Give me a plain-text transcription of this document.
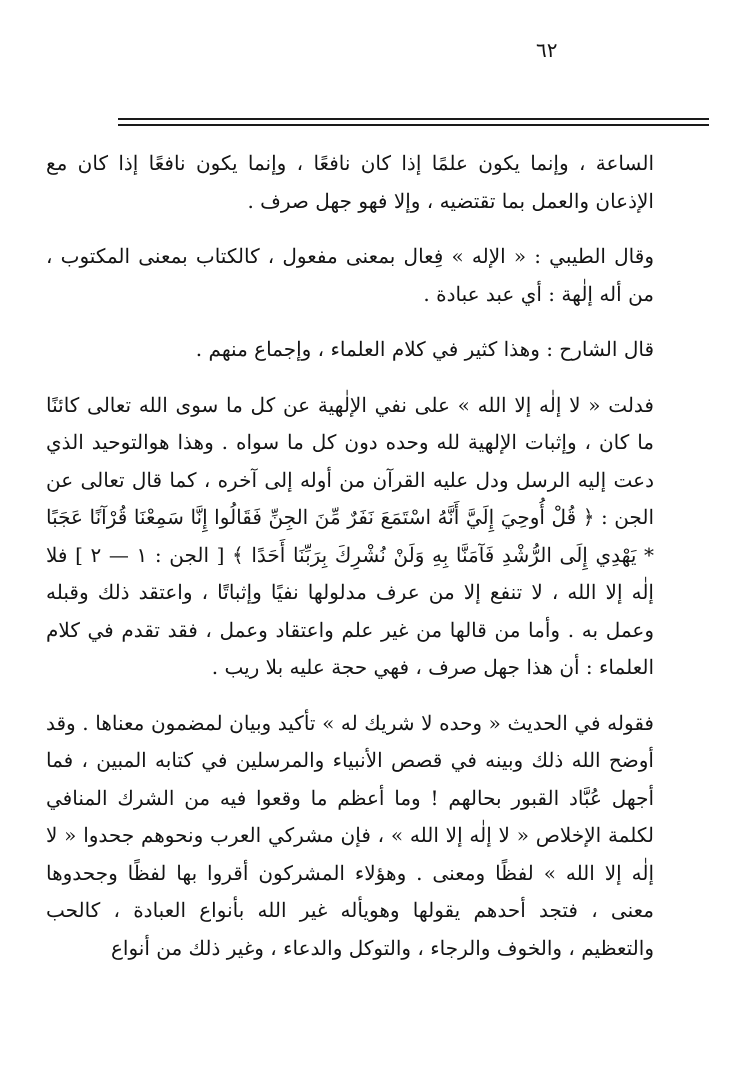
٦٢

الساعة ، وإنما يكون علمًا إذا كان نافعًا ، وإنما يكون نافعًا إذا كان مع الإذعان والعمل بما تقتضيه ، وإلا فهو جهل صرف .

وقال الطيبي : « الإله » فِعال بمعنى مفعول ، كالكتاب بمعنى المكتوب ، من أله إلٰهة : أي عبد عبادة .

قال الشارح : وهذا كثير في كلام العلماء ، وإجماع منهم .

فدلت « لا إلٰه إلا الله » على نفي الإلٰهية عن كل ما سوى الله تعالى كائنًا ما كان ، وإثبات الإلهية لله وحده دون كل ما سواه . وهذا هوالتوحيد الذي دعت إليه الرسل ودل عليه القرآن من أوله إلى آخره ، كما قال تعالى عن الجن : ﴿ قُلْ أُوحِيَ إِلَيَّ أَنَّهُ اسْتَمَعَ نَفَرٌ مِّنَ الجِنِّ فَقَالُوا إِنَّا سَمِعْنَا قُرْآنًا عَجَبًا * يَهْدِي إِلَى الرُّشْدِ فَآمَنَّا بِهِ وَلَنْ نُشْرِكَ بِرَبِّنَا أَحَدًا ﴾ [ الجن : ١ — ٢ ] فلا إلٰه إلا الله ، لا تنفع إلا من عرف مدلولها نفيًا وإثباتًا ، واعتقد ذلك وقبله وعمل به . وأما من قالها من غير علم واعتقاد وعمل ، فقد تقدم في كلام العلماء : أن هذا جهل صرف ، فهي حجة عليه بلا ريب .

فقوله في الحديث « وحده لا شريك له » تأكيد وبيان لمضمون معناها . وقد أوضح الله ذلك وبينه في قصص الأنبياء والمرسلين في كتابه المبين ، فما أجهل عُبَّاد القبور بحالهم ! وما أعظم ما وقعوا فيه من الشرك المنافي لكلمة الإخلاص « لا إلٰه إلا الله » ، فإن مشركي العرب ونحوهم جحدوا « لا إلٰه إلا الله » لفظًا ومعنى . وهؤلاء المشركون أقروا بها لفظًا وجحدوها معنى ، فتجد أحدهم يقولها وهويأله غير الله بأنواع العبادة ، كالحب والتعظيم ، والخوف والرجاء ، والتوكل والدعاء ، وغير ذلك من أنواع
